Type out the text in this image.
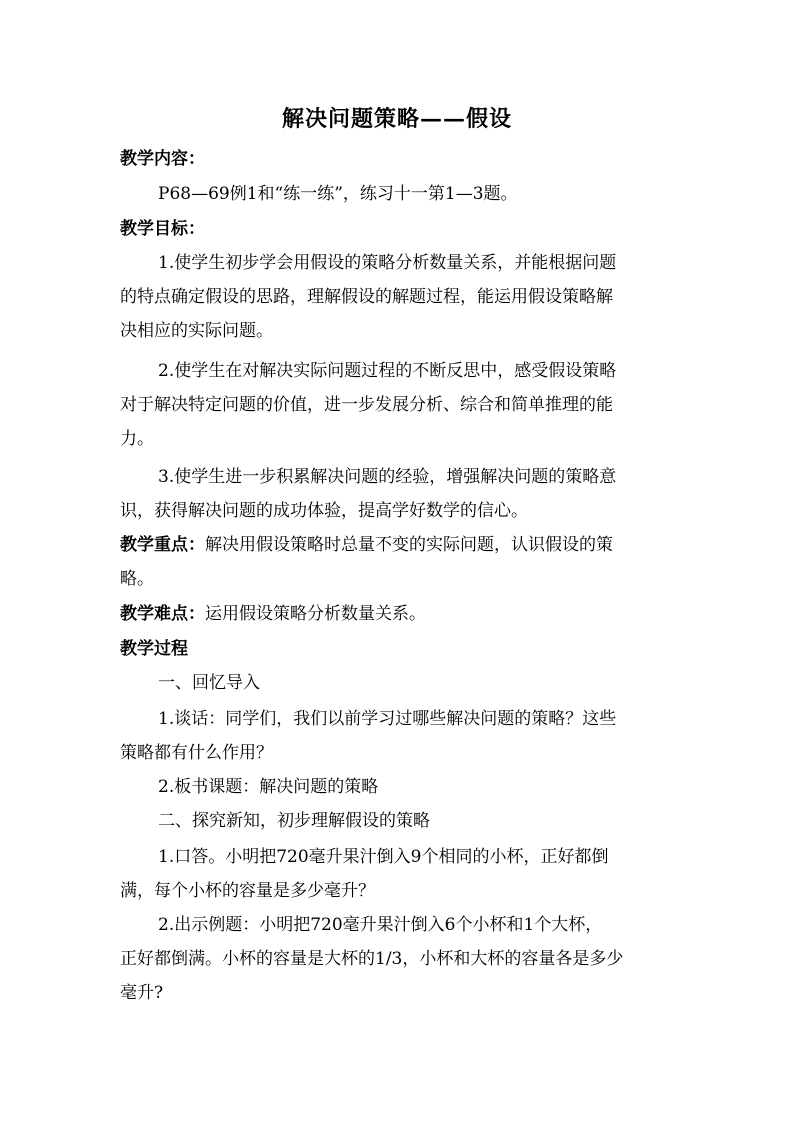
解决问题策略——假设
教学内容：
P68—69例1和“练一练”，练习十一第1—3题。
教学目标：
1.使学生初步学会用假设的策略分析数量关系，并能根据问题
的特点确定假设的思路，理解假设的解题过程，能运用假设策略解
决相应的实际问题。
2.使学生在对解决实际问题过程的不断反思中，感受假设策略
对于解决特定问题的价值，进一步发展分析、综合和简单推理的能
力。
3.使学生进一步积累解决问题的经验，增强解决问题的策略意
识，获得解决问题的成功体验，提高学好数学的信心。
教学重点：解决用假设策略时总量不变的实际问题，认识假设的策
略。
教学难点：运用假设策略分析数量关系。
教学过程
一、回忆导入
1.谈话：同学们，我们以前学习过哪些解决问题的策略？这些
策略都有什么作用？
2.板书课题：解决问题的策略
二、探究新知，初步理解假设的策略
1.口答。小明把720毫升果汁倒入9个相同的小杯，正好都倒
满，每个小杯的容量是多少毫升？
2.出示例题：小明把720毫升果汁倒入6个小杯和1个大杯，
正好都倒满。小杯的容量是大杯的1/3，小杯和大杯的容量各是多少
毫升?
